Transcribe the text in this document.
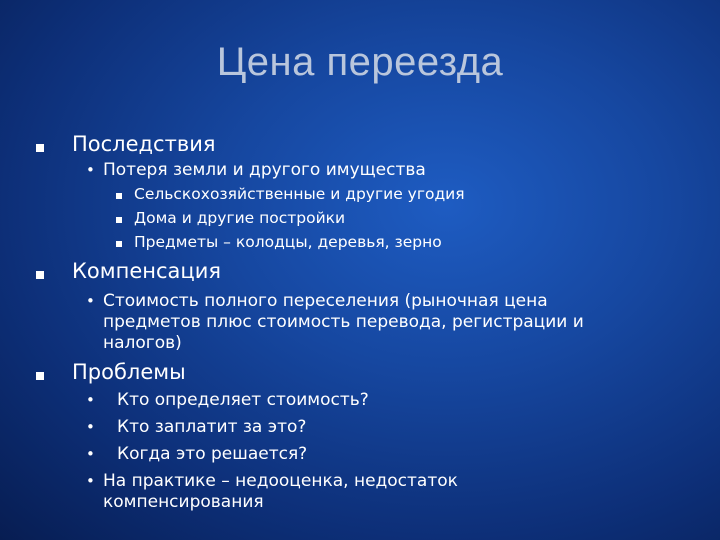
Цена переезда
Последствия
• Потеря земли и другого имущества
Сельскохозяйственные и другие угодия
Дома и другие постройки
Предметы – колодцы, деревья, зерно
Компенсация
• Стоимость полного переселения (рыночная цена
предметов плюс стоимость перевода, регистрации и
налогов)
Проблемы
• Кто определяет стоимость?
• Кто заплатит за это?
• Когда это решается?
• На практике – недооценка, недостаток
компенсирования
